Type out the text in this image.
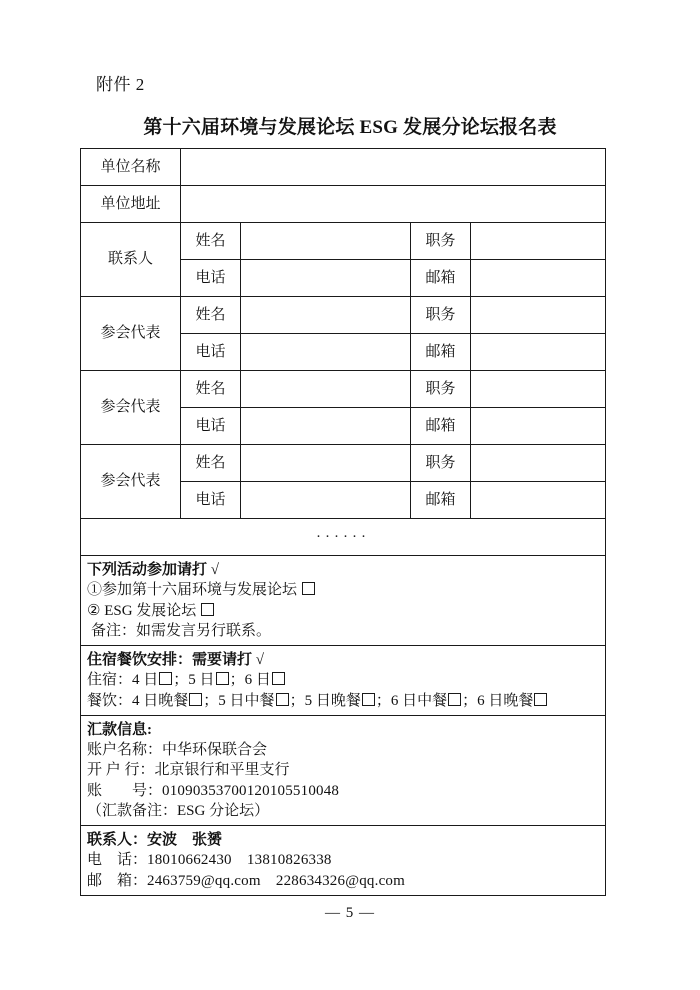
附件 2
第十六届环境与发展论坛 ESG 发展分论坛报名表
单位名称				
单位地址				
联系人	姓名		职务	
	电话		邮箱	
参会代表	姓名		职务	
	电话		邮箱	
参会代表	姓名		职务	
	电话		邮箱	
参会代表	姓名		职务	
	电话		邮箱	
······				

下列活动参加请打 √
①参加第十六届环境与发展论坛
② ESG 发展论坛
备注：如需发言另行联系。				

住宿餐饮安排：需要请打 √
住宿：4 日 ；5 日 ；6 日
餐饮：4 日晚餐 ；5 日中餐 ；5 日晚餐 ；6 日中餐 ；6 日晚餐				

汇款信息:
账户名称：中华环保联合会
开 户 行：北京银行和平里支行
账　　号：01090353700120105510048
（汇款备注：ESG 分论坛）				

联系人：安波　张赟
电　话：18010662430　13810826338
邮　箱：2463759@qq.com　228634326@qq.com				
— 5 —
